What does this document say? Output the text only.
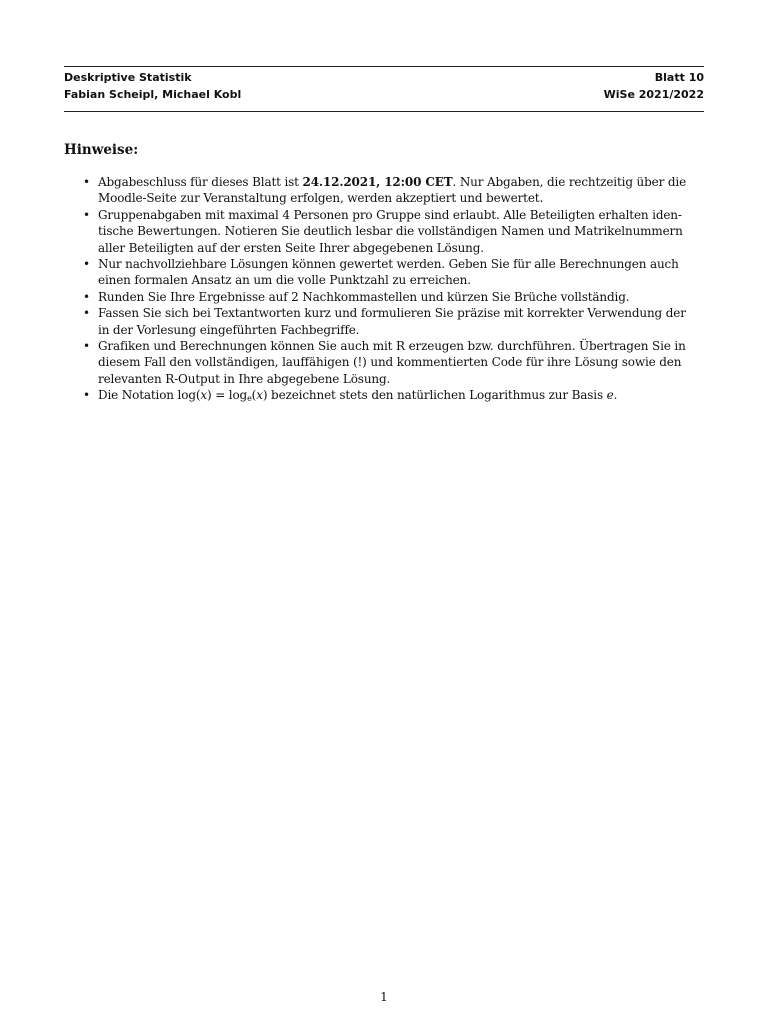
Deskriptive Statistik	Blatt 10
Fabian Scheipl, Michael Kobl	WiSe 2021/2022
Hinweise:
• Abgabeschluss für dieses Blatt ist 24.12.2021, 12:00 CET. Nur Abgaben, die rechtzeitig über die
Moodle-Seite zur Veranstaltung erfolgen, werden akzeptiert und bewertet.
• Gruppenabgaben mit maximal 4 Personen pro Gruppe sind erlaubt. Alle Beteiligten erhalten iden-
tische Bewertungen. Notieren Sie deutlich lesbar die vollständigen Namen und Matrikelnummern
aller Beteiligten auf der ersten Seite Ihrer abgegebenen Lösung.
• Nur nachvollziehbare Lösungen können gewertet werden. Geben Sie für alle Berechnungen auch
einen formalen Ansatz an um die volle Punktzahl zu erreichen.
• Runden Sie Ihre Ergebnisse auf 2 Nachkommastellen und kürzen Sie Brüche vollständig.
• Fassen Sie sich bei Textantworten kurz und formulieren Sie präzise mit korrekter Verwendung der
in der Vorlesung eingeführten Fachbegriffe.
• Grafiken und Berechnungen können Sie auch mit R erzeugen bzw. durchführen. Übertragen Sie in
diesem Fall den vollständigen, lauffähigen (!) und kommentierten Code für ihre Lösung sowie den
relevanten R-Output in Ihre abgegebene Lösung.
• Die Notation $\log(x) = \log_e(x)$ bezeichnet stets den natürlichen Logarithmus zur Basis e.
1
